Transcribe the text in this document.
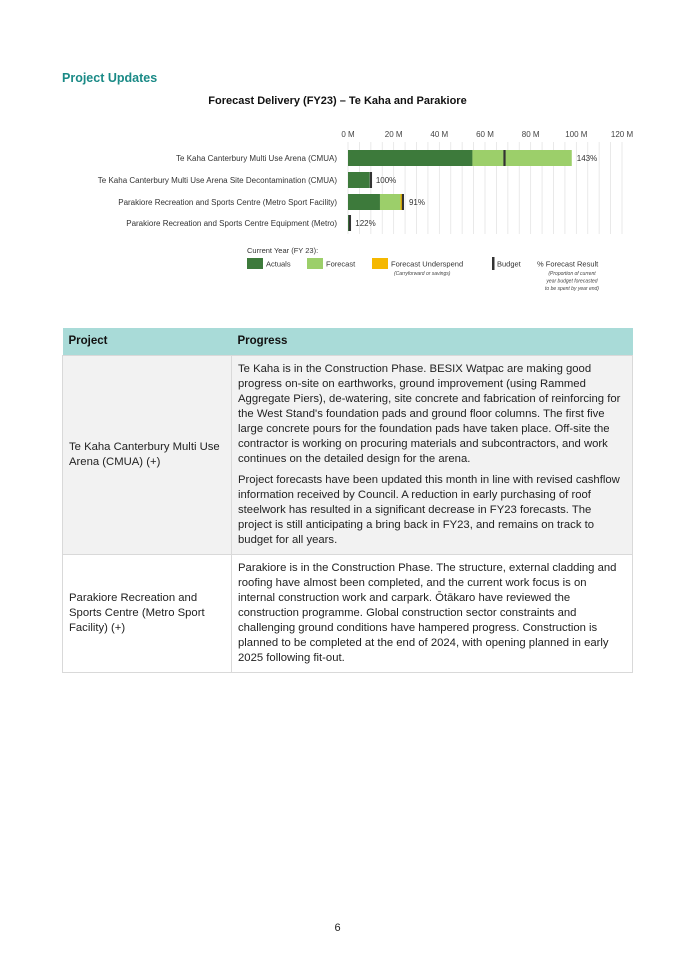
Project Updates
Forecast Delivery (FY23) – Te Kaha and Parakiore
0 M	20 M	40 M	60 M	80 M	100 M	120 M
Te Kaha Canterbury Multi Use Arena (CMUA)	143%
Te Kaha Canterbury Multi Use Arena Site Decontamination (CMUA)	100%
Parakiore Recreation and Sports Centre (Metro Sport Facility)	91%
Parakiore Recreation and Sports Centre Equipment (Metro) 122%
Current Year (FY 23):
Actuals	Forecast	Forecast Underspend
(Carryforward or savings)
Budget % Forecast Result
(Proportion of current
year budget forecasted
to be spent by year end)
Project	Progress
Te Kaha Canterbury Multi Use Arena (CMUA) (+)	Te Kaha is in the Construction Phase. BESIX Watpac are making good progress on-site on earthworks, ground improvement (using Rammed Aggregate Piers), de-watering, site concrete and fabrication of reinforcing for the West Stand's foundation pads and ground floor columns. The first five large concrete pours for the foundation pads have taken place. Off-site the contractor is working on procuring materials and subcontractors, and work continues on the detailed design for the arena.

Project forecasts have been updated this month in line with revised cashflow information received by Council. A reduction in early purchasing of roof steelwork has resulted in a significant decrease in FY23 forecasts. The project is still anticipating a bring back in FY23, and remains on track to budget for all years.

Parakiore Recreation and Sports Centre (Metro Sport Facility) (+)	Parakiore is in the Construction Phase. The structure, external cladding and roofing have almost been completed, and the current work focus is on internal construction work and carpark. Ōtākaro have reviewed the construction programme. Global construction sector constraints and challenging ground conditions have hampered progress. Construction is planned to be completed at the end of 2024, with opening planned in early 2025 following fit-out.

6
